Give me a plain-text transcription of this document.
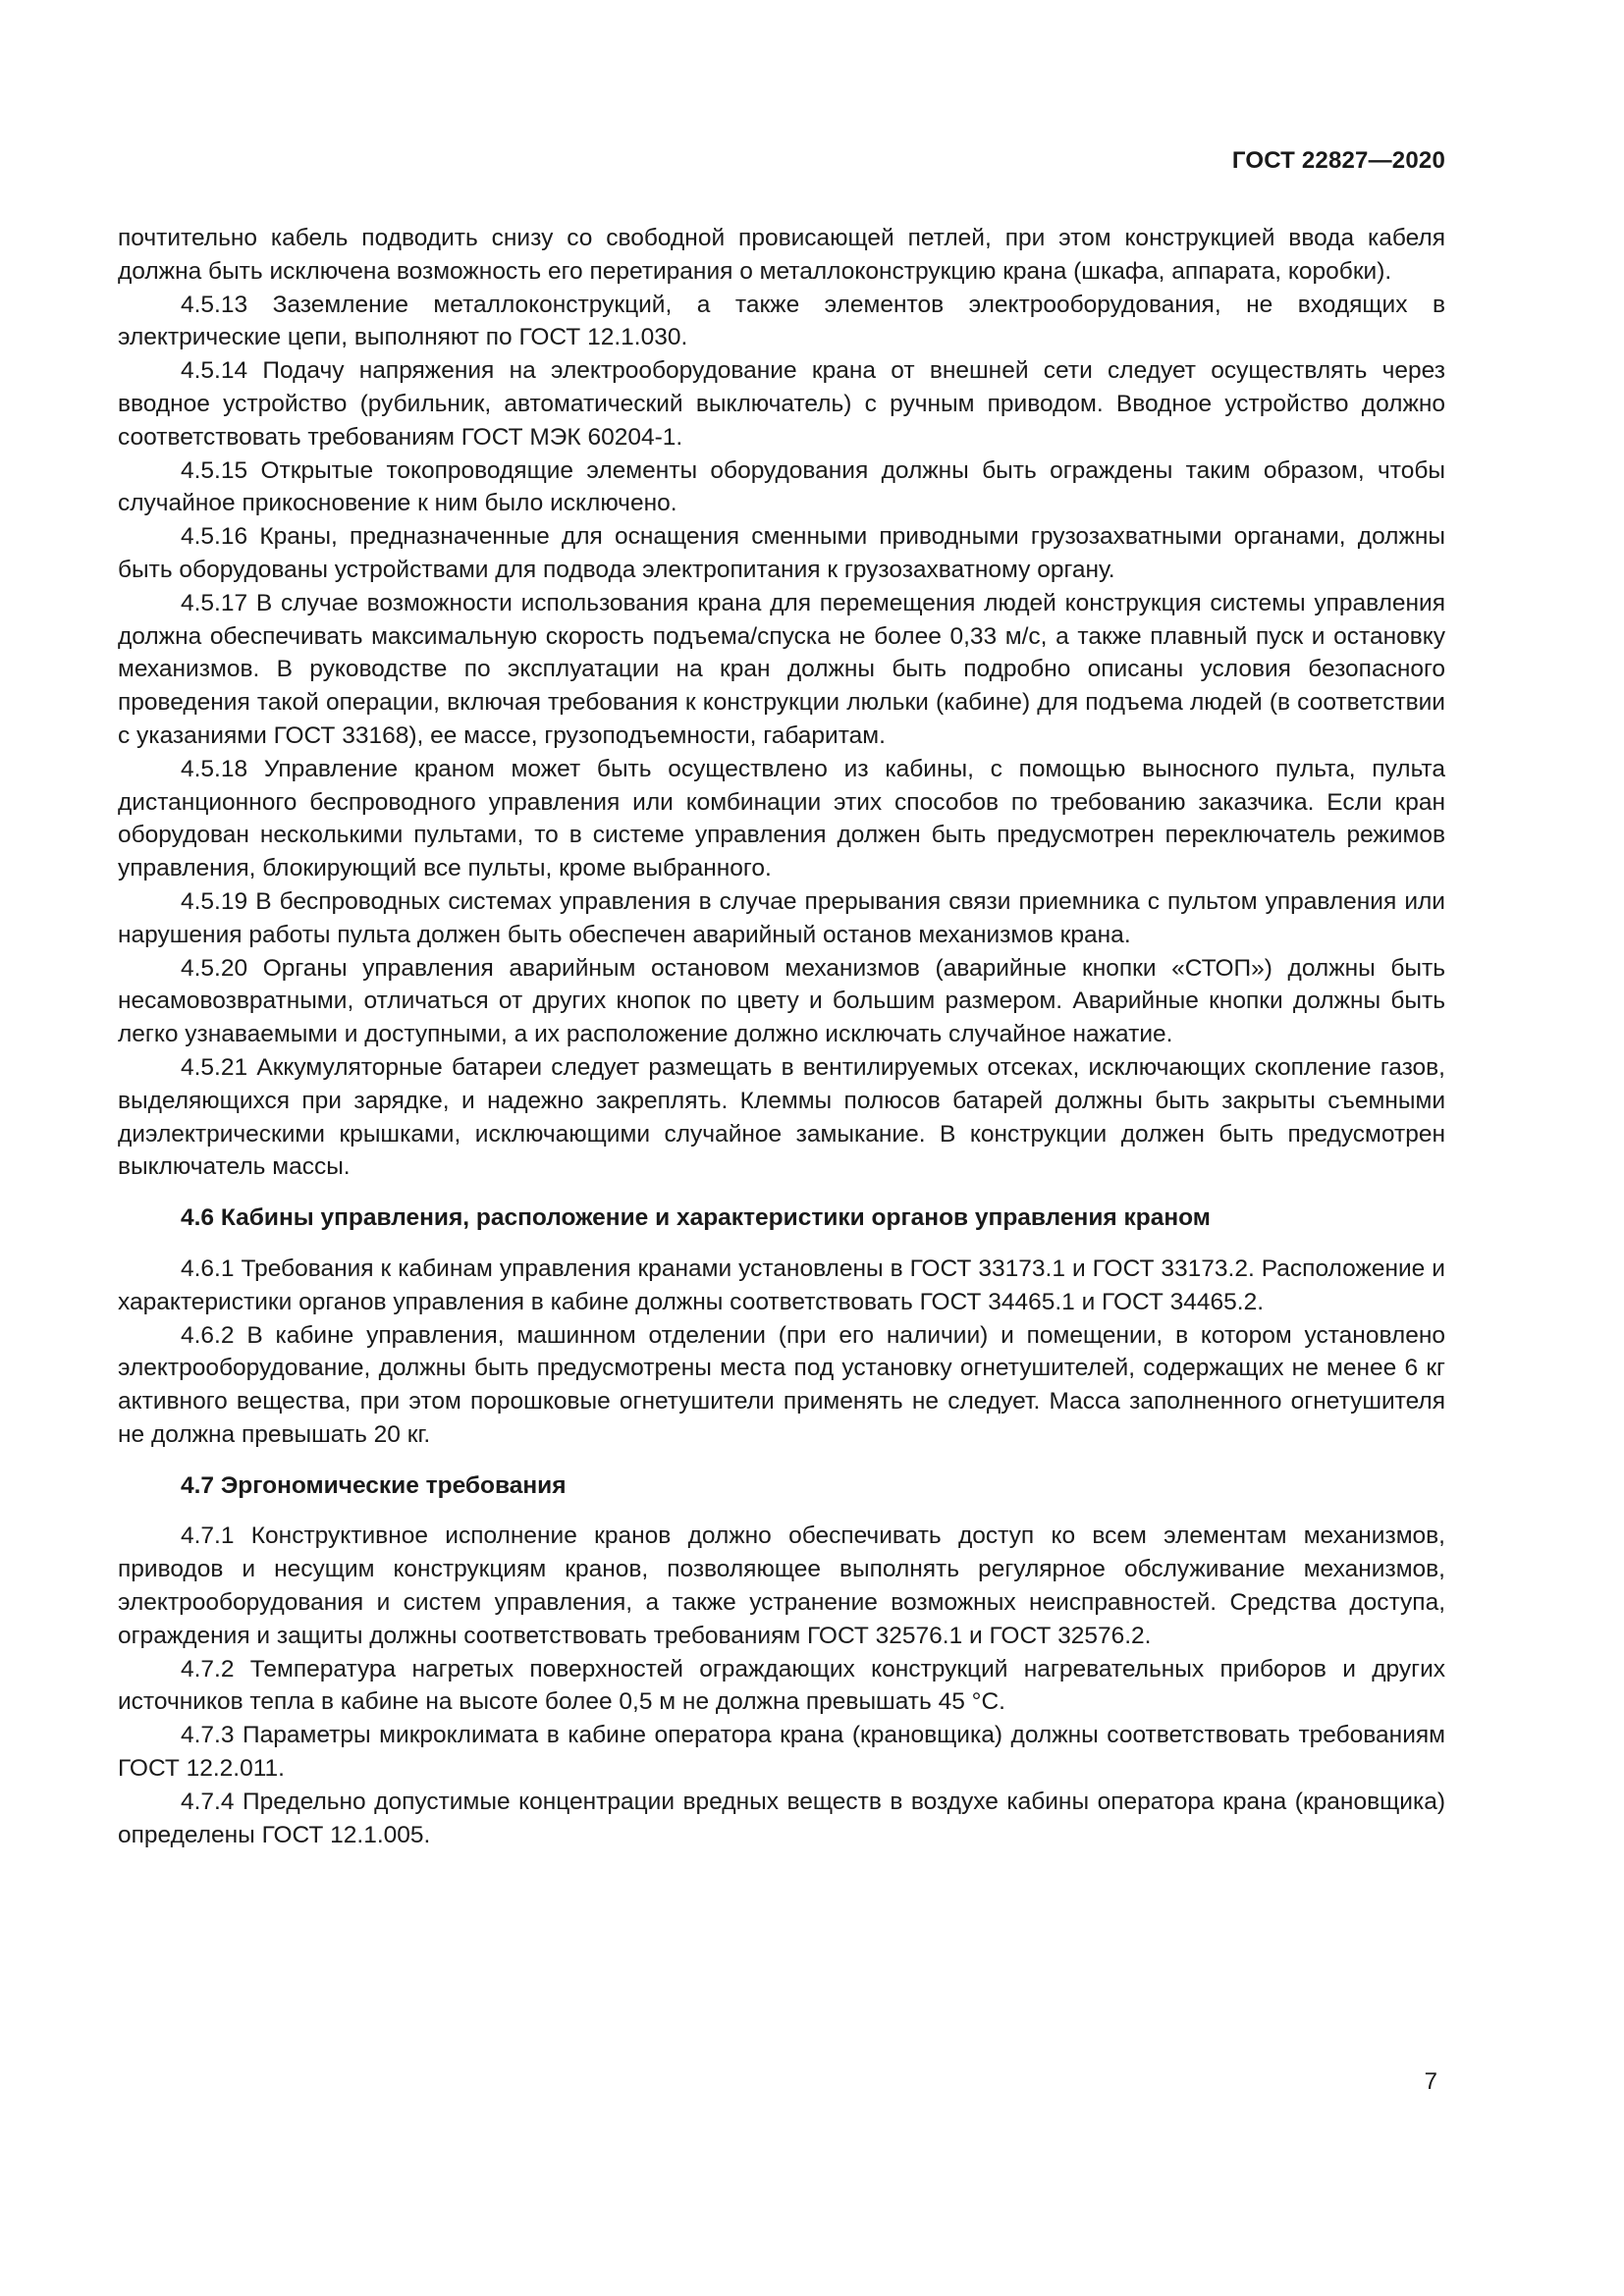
ГОСТ 22827—2020

почтительно кабель подводить снизу со свободной провисающей петлей, при этом конструкцией ввода кабеля должна быть исключена возможность его перетирания о металлоконструкцию крана (шкафа, аппарата, коробки).

4.5.13 Заземление металлоконструкций, а также элементов электрооборудования, не входящих в электрические цепи, выполняют по ГОСТ 12.1.030.

4.5.14 Подачу напряжения на электрооборудование крана от внешней сети следует осуществлять через вводное устройство (рубильник, автоматический выключатель) с ручным приводом. Вводное устройство должно соответствовать требованиям ГОСТ МЭК 60204-1.

4.5.15 Открытые токопроводящие элементы оборудования должны быть ограждены таким образом, чтобы случайное прикосновение к ним было исключено.

4.5.16 Краны, предназначенные для оснащения сменными приводными грузозахватными органами, должны быть оборудованы устройствами для подвода электропитания к грузозахватному органу.

4.5.17 В случае возможности использования крана для перемещения людей конструкция системы управления должна обеспечивать максимальную скорость подъема/спуска не более 0,33 м/с, а также плавный пуск и остановку механизмов. В руководстве по эксплуатации на кран должны быть подробно описаны условия безопасного проведения такой операции, включая требования к конструкции люльки (кабине) для подъема людей (в соответствии с указаниями ГОСТ 33168), ее массе, грузоподъемности, габаритам.

4.5.18 Управление краном может быть осуществлено из кабины, с помощью выносного пульта, пульта дистанционного беспроводного управления или комбинации этих способов по требованию заказчика. Если кран оборудован несколькими пультами, то в системе управления должен быть предусмотрен переключатель режимов управления, блокирующий все пульты, кроме выбранного.

4.5.19 В беспроводных системах управления в случае прерывания связи приемника с пультом управления или нарушения работы пульта должен быть обеспечен аварийный останов механизмов крана.

4.5.20 Органы управления аварийным остановом механизмов (аварийные кнопки «СТОП») должны быть несамовозвратными, отличаться от других кнопок по цвету и большим размером. Аварийные кнопки должны быть легко узнаваемыми и доступными, а их расположение должно исключать случайное нажатие.

4.5.21 Аккумуляторные батареи следует размещать в вентилируемых отсеках, исключающих скопление газов, выделяющихся при зарядке, и надежно закреплять. Клеммы полюсов батарей должны быть закрыты съемными диэлектрическими крышками, исключающими случайное замыкание. В конструкции должен быть предусмотрен выключатель массы.

4.6 Кабины управления, расположение и характеристики органов управления краном

4.6.1 Требования к кабинам управления кранами установлены в ГОСТ 33173.1 и ГОСТ 33173.2. Расположение и характеристики органов управления в кабине должны соответствовать ГОСТ 34465.1 и ГОСТ 34465.2.

4.6.2 В кабине управления, машинном отделении (при его наличии) и помещении, в котором установлено электрооборудование, должны быть предусмотрены места под установку огнетушителей, содержащих не менее 6 кг активного вещества, при этом порошковые огнетушители применять не следует. Масса заполненного огнетушителя не должна превышать 20 кг.

4.7 Эргономические требования

4.7.1 Конструктивное исполнение кранов должно обеспечивать доступ ко всем элементам механизмов, приводов и несущим конструкциям кранов, позволяющее выполнять регулярное обслуживание механизмов, электрооборудования и систем управления, а также устранение возможных неисправностей. Средства доступа, ограждения и защиты должны соответствовать требованиям ГОСТ 32576.1 и ГОСТ 32576.2.

4.7.2 Температура нагретых поверхностей ограждающих конструкций нагревательных приборов и других источников тепла в кабине на высоте более 0,5 м не должна превышать 45 °С.

4.7.3 Параметры микроклимата в кабине оператора крана (крановщика) должны соответствовать требованиям ГОСТ 12.2.011.

4.7.4 Предельно допустимые концентрации вредных веществ в воздухе кабины оператора крана (крановщика) определены ГОСТ 12.1.005.

7
